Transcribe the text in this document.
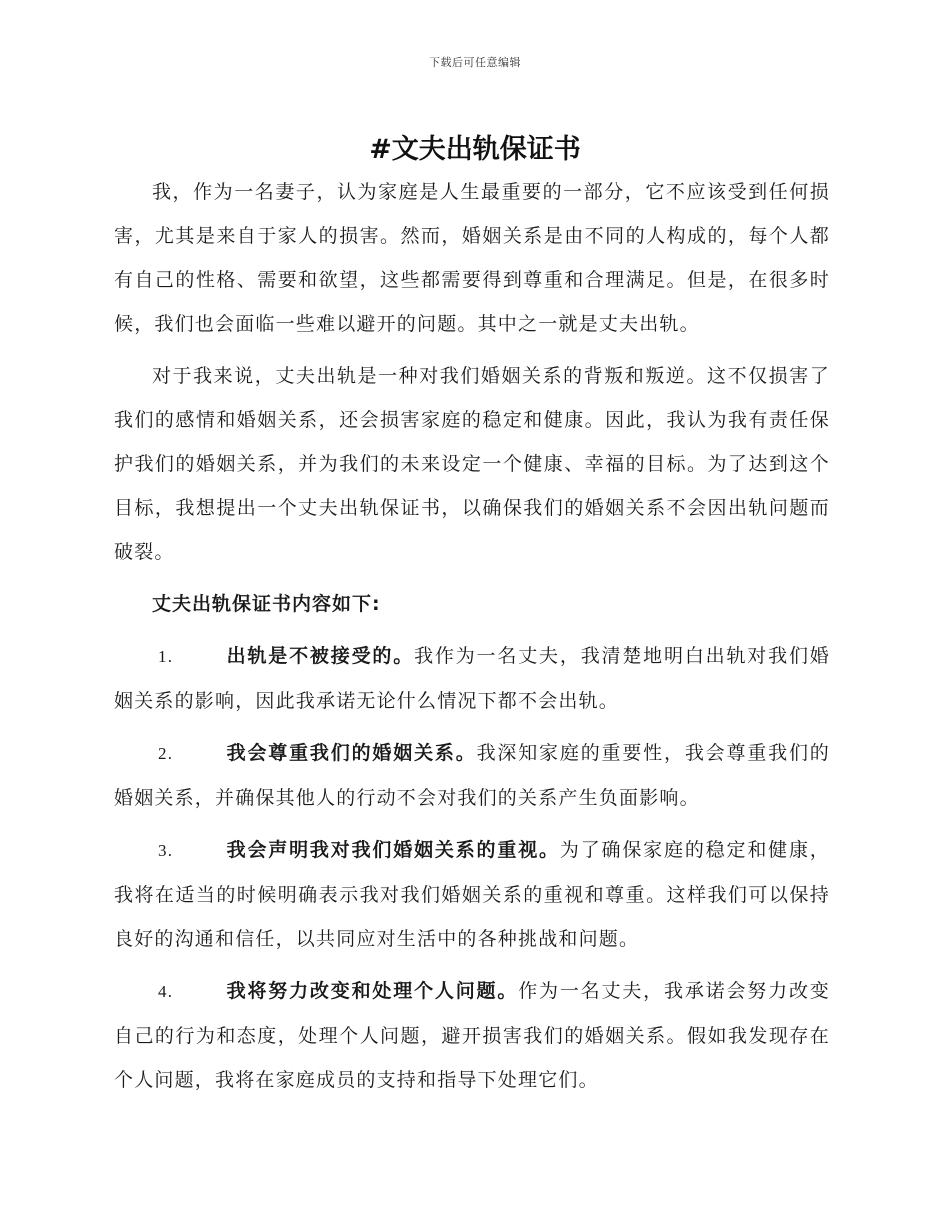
下载后可任意编辑
#文夫出轨保证书

我，作为一名妻子，认为家庭是人生最重要的一部分，它不应该受到任何损害，尤其是来自于家人的损害。然而，婚姻关系是由不同的人构成的，每个人都有自己的性格、需要和欲望，这些都需要得到尊重和合理满足。但是，在很多时候，我们也会面临一些难以避开的问题。其中之一就是丈夫出轨。

对于我来说，丈夫出轨是一种对我们婚姻关系的背叛和叛逆。这不仅损害了我们的感情和婚姻关系，还会损害家庭的稳定和健康。因此，我认为我有责任保护我们的婚姻关系，并为我们的未来设定一个健康、幸福的目标。为了达到这个目标，我想提出一个丈夫出轨保证书，以确保我们的婚姻关系不会因出轨问题而破裂。

丈夫出轨保证书内容如下:

1.	出轨是不被接受的。我作为一名丈夫，我清楚地明白出轨对我们婚姻关系的影响，因此我承诺无论什么情况下都不会出轨。

2.	我会尊重我们的婚姻关系。我深知家庭的重要性，我会尊重我们的婚姻关系，并确保其他人的行动不会对我们的关系产生负面影响。

3.	我会声明我对我们婚姻关系的重视。为了确保家庭的稳定和健康，我将在适当的时候明确表示我对我们婚姻关系的重视和尊重。这样我们可以保持良好的沟通和信任，以共同应对生活中的各种挑战和问题。

4.	我将努力改变和处理个人问题。作为一名丈夫，我承诺会努力改变自己的行为和态度，处理个人问题，避开损害我们的婚姻关系。假如我发现存在个人问题，我将在家庭成员的支持和指导下处理它们。
